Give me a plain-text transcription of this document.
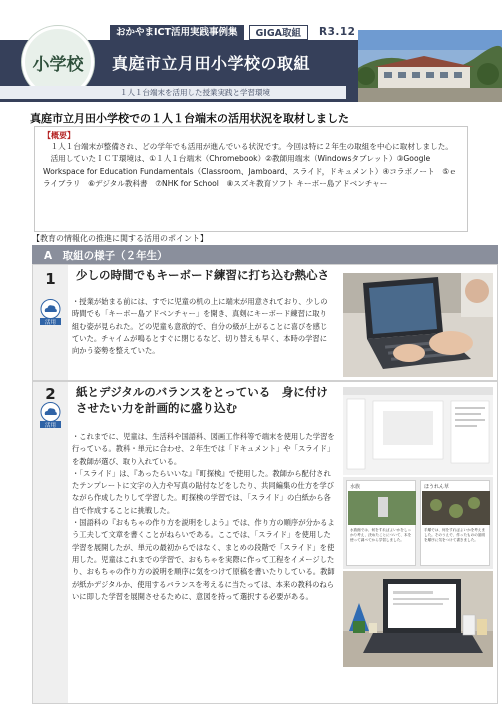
おかやまICT活用実践事例集	GIGA取組	R3.12
小学校 真庭市立月田小学校の取組
１人１台端末を活用した授業実践と学習環境
真庭市立月田小学校での１人１台端末の活用状況を取材しました
【概要】

　１人１台端末が整備され、どの学年でも活用が進んでいる状況です。今回は特に２年生の取組を中心に取材しました。

　活用していたＩＣＴ環境は、①１人１台端末（Chromebook）②教師用端末（Windowsタブレット）③Google Workspace for Education Fundamentals（Classroom、Jamboard、スライド，ドキュメント）④コラボノート　⑤ｅライブラリ　⑥デジタル教科書　⑦NHK for School　⑧スズキ教育ソフト キーボー島アドベンチャー

【教育の情報化の推進に関する活用のポイント】
A　取組の様子（２年生）
1
活用
少しの時間でもキーボード練習に打ち込む熱心さ

・授業が始まる前には、すでに児童の机の上に端末が用意されており、少しの時間でも「キーボー島アドベンチャー」を開き、真剣にキーボード練習に取り組む姿が見られた。どの児童も意欲的で、自分の級が上がることに喜びを感じていた。チャイムが鳴るとすぐに閉じるなど、切り替えも早く、本時の学習に向かう姿勢を整えていた。

2
活用
紙とデジタルのバランスをとっている　身に付け
させたい力を計画的に盛り込む

・これまでに、児童は、生活科や国語科、図画工作科等で端末を使用した学習を行っている。教科・単元に合わせ、２年生では「ドキュメント」や「スライド」を教師が選び、取り入れている。

・「スライド」は、『あったらいいな』『町探検』で使用した。教師から配付されたテンプレートに文字の入力や写真の貼付などをしたり、共同編集の仕方を学びながら作成したりして学習した。町探検の学習では、「スライド」の白紙から各自で作成することに挑戦した。

・国語科の『おもちゃの作り方を説明をしよう』では、作り方の順序が分かるよう工夫して文章を書くことがねらいである。ここでは、「スライド」を使用した学習を展開したが、単元の最初からではなく、まとめの段階で「スライド」を使用した。児童はこれまでの学習で、おもちゃを実際に作って工程をイメージしたり、おもちゃの作り方の説明を順序に気をつけて原稿を書いたりしている。教師が紙かデジタルか、使用するバランスを考えるに当たっては、本来の教科のねらいに即した学習を展開させるために、意図を持って選択する必要がある。

水族
水族館では、何をすればよいかをしっかり考え、決めたことについて、本を使って調べてから学習しました。
ほうれん草
手順では、何をすればよいかを考えました。そのうえで、作ったものの説明を順序に気をつけて書きました。
